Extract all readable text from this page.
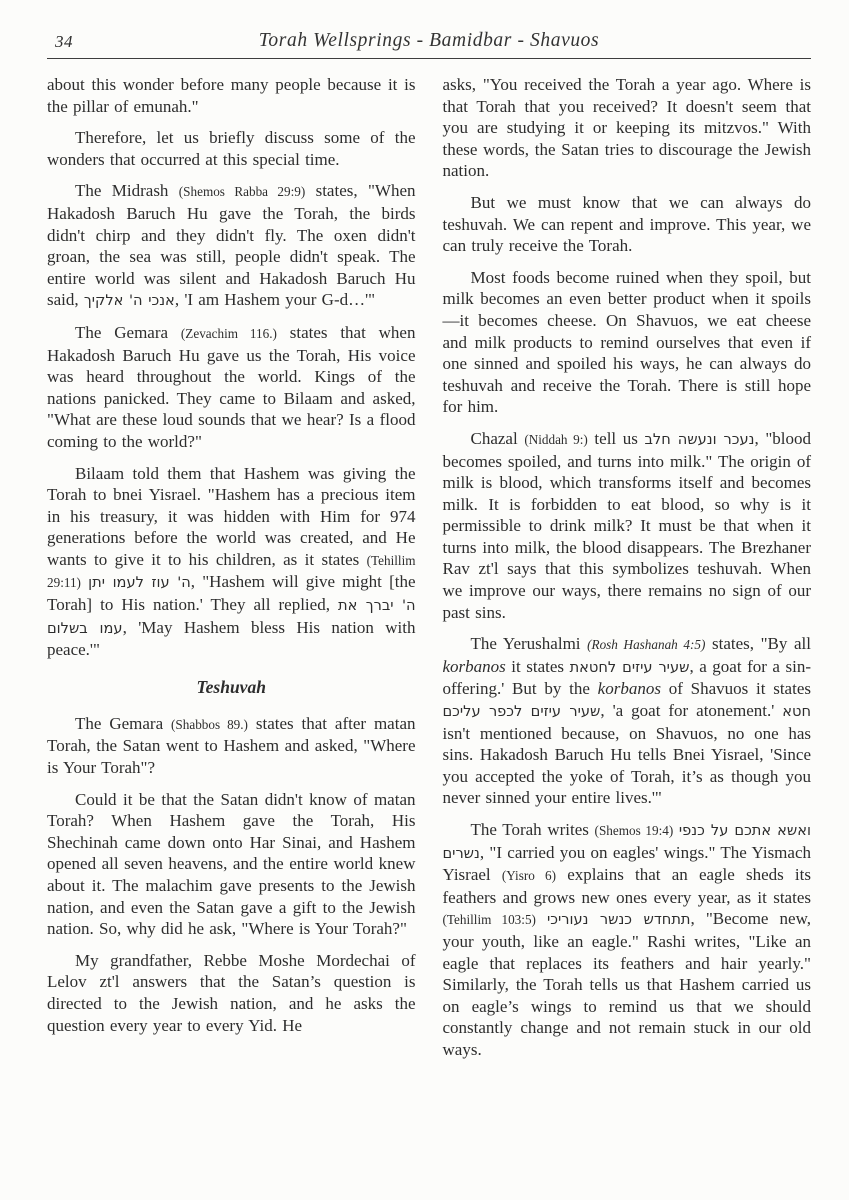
34	Torah Wellsprings - Bamidbar - Shavuos

about this wonder before many people because it is the pillar of emunah."

Therefore, let us briefly discuss some of the wonders that occurred at this special time.

The Midrash (Shemos Rabba 29:9) states, "When Hakadosh Baruch Hu gave the Torah, the birds didn't chirp and they didn't fly. The oxen didn't groan, the sea was still, people didn't speak. The entire world was silent and Hakadosh Baruch Hu said, אנכי ה' אלקיך, 'I am Hashem your G-d…'"

The Gemara (Zevachim 116.) states that when Hakadosh Baruch Hu gave us the Torah, His voice was heard throughout the world. Kings of the nations panicked. They came to Bilaam and asked, "What are these loud sounds that we hear? Is a flood coming to the world?"

Bilaam told them that Hashem was giving the Torah to bnei Yisrael. "Hashem has a precious item in his treasury, it was hidden with Him for 974 generations before the world was created, and He wants to give it to his children, as it states (Tehillim 29:11) ה' עוז לעמו יתן, "Hashem will give might [the Torah] to His nation.' They all replied, ה' יברך את עמו בשלום, 'May Hashem bless His nation with peace.'"

Teshuvah

The Gemara (Shabbos 89.) states that after matan Torah, the Satan went to Hashem and asked, "Where is Your Torah"?

Could it be that the Satan didn't know of matan Torah? When Hashem gave the Torah, His Shechinah came down onto Har Sinai, and Hashem opened all seven heavens, and the entire world knew about it. The malachim gave presents to the Jewish nation, and even the Satan gave a gift to the Jewish nation. So, why did he ask, "Where is Your Torah?"

My grandfather, Rebbe Moshe Mordechai of Lelov zt'l answers that the Satan’s question is directed to the Jewish nation, and he asks the question every year to every Yid. He

asks, "You received the Torah a year ago. Where is that Torah that you received? It doesn't seem that you are studying it or keeping its mitzvos." With these words, the Satan tries to discourage the Jewish nation.

But we must know that we can always do teshuvah. We can repent and improve. This year, we can truly receive the Torah.

Most foods become ruined when they spoil, but milk becomes an even better product when it spoils—it becomes cheese. On Shavuos, we eat cheese and milk products to remind ourselves that even if one sinned and spoiled his ways, he can always do teshuvah and receive the Torah. There is still hope for him.

Chazal (Niddah 9:) tell us נעכר ונעשה חלב, "blood becomes spoiled, and turns into milk." The origin of milk is blood, which transforms itself and becomes milk. It is forbidden to eat blood, so why is it permissible to drink milk? It must be that when it turns into milk, the blood disappears. The Brezhaner Rav zt'l says that this symbolizes teshuvah. When we improve our ways, there remains no sign of our past sins.

The Yerushalmi (Rosh Hashanah 4:5) states, "By all korbanos it states שעיר עיזים לחטאת, a goat for a sin-offering.' But by the korbanos of Shavuos it states שעיר עיזים לכפר עליכם, 'a goat for atonement.' חטא isn't mentioned because, on Shavuos, no one has sins. Hakadosh Baruch Hu tells Bnei Yisrael, 'Since you accepted the yoke of Torah, it’s as though you never sinned your entire lives.'"

The Torah writes (Shemos 19:4) ואשא אתכם על כנפי נשרים, "I carried you on eagles' wings." The Yismach Yisrael (Yisro 6) explains that an eagle sheds its feathers and grows new ones every year, as it states (Tehillim 103:5) תתחדש כנשר נעוריכי, "Become new, your youth, like an eagle." Rashi writes, "Like an eagle that replaces its feathers and hair yearly." Similarly, the Torah tells us that Hashem carried us on eagle’s wings to remind us that we should constantly change and not remain stuck in our old ways.
